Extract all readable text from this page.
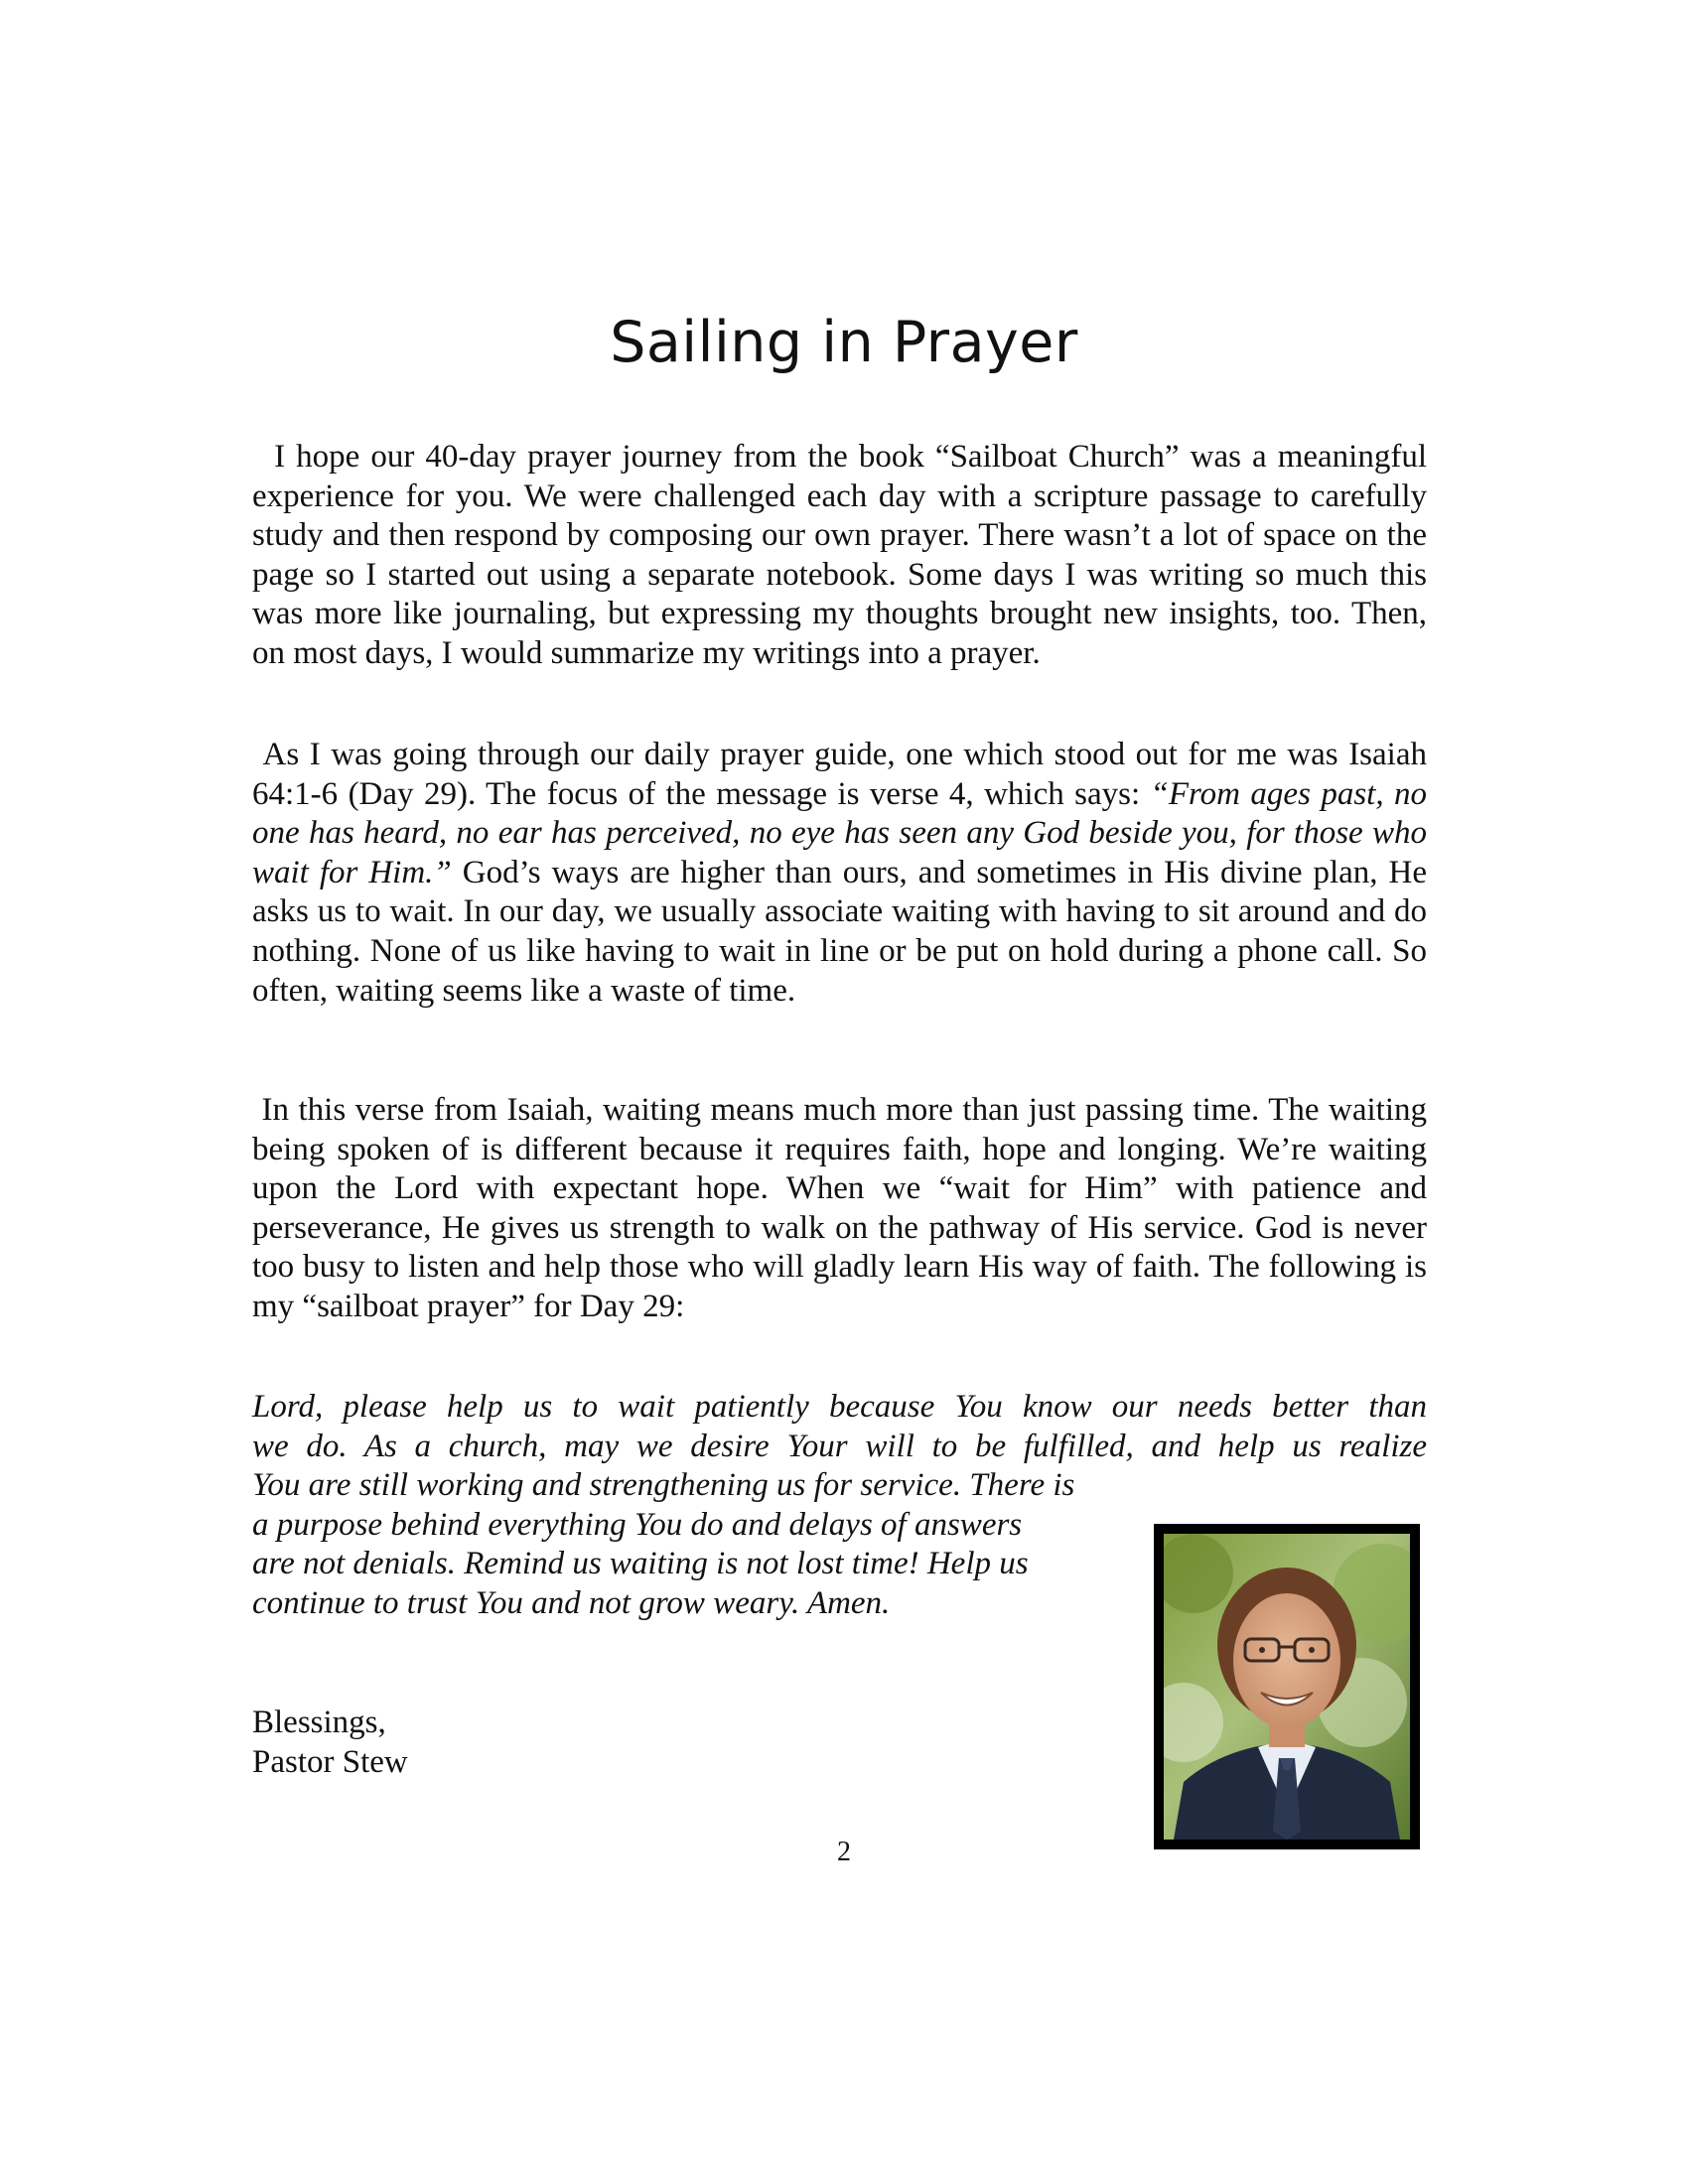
Sailing in Prayer

I hope our 40-day prayer journey from the book “Sailboat Church” was a meaningful experience for you. We were challenged each day with a scripture passage to carefully study and then respond by composing our own prayer. There wasn’t a lot of space on the page so I started out using a separate notebook. Some days I was writing so much this was more like journaling, but expressing my thoughts brought new insights, too. Then, on most days, I would summarize my writings into a prayer.

As I was going through our daily prayer guide, one which stood out for me was Isaiah 64:1-6 (Day 29). The focus of the message is verse 4, which says: “From ages past, no one has heard, no ear has perceived, no eye has seen any God beside you, for those who wait for Him.” God’s ways are higher than ours, and sometimes in His divine plan, He asks us to wait. In our day, we usually associate waiting with having to sit around and do nothing. None of us like having to wait in line or be put on hold during a phone call. So often, waiting seems like a waste of time.

In this verse from Isaiah, waiting means much more than just passing time. The waiting being spoken of is different because it requires faith, hope and longing. We’re waiting upon the Lord with expectant hope. When we “wait for Him” with patience and perseverance, He gives us strength to walk on the pathway of His service. God is never too busy to listen and help those who will gladly learn His way of faith. The following is my “sailboat prayer” for Day 29:

Lord, please help us to wait patiently because You know our needs better than
we do. As a church, may we desire Your will to be fulfilled, and help us realize
You are still working and strengthening us for service. There is
a purpose behind everything You do and delays of answers
are not denials. Remind us waiting is not lost time! Help us
continue to trust You and not grow weary. Amen.
Blessings,
Pastor Stew
2
